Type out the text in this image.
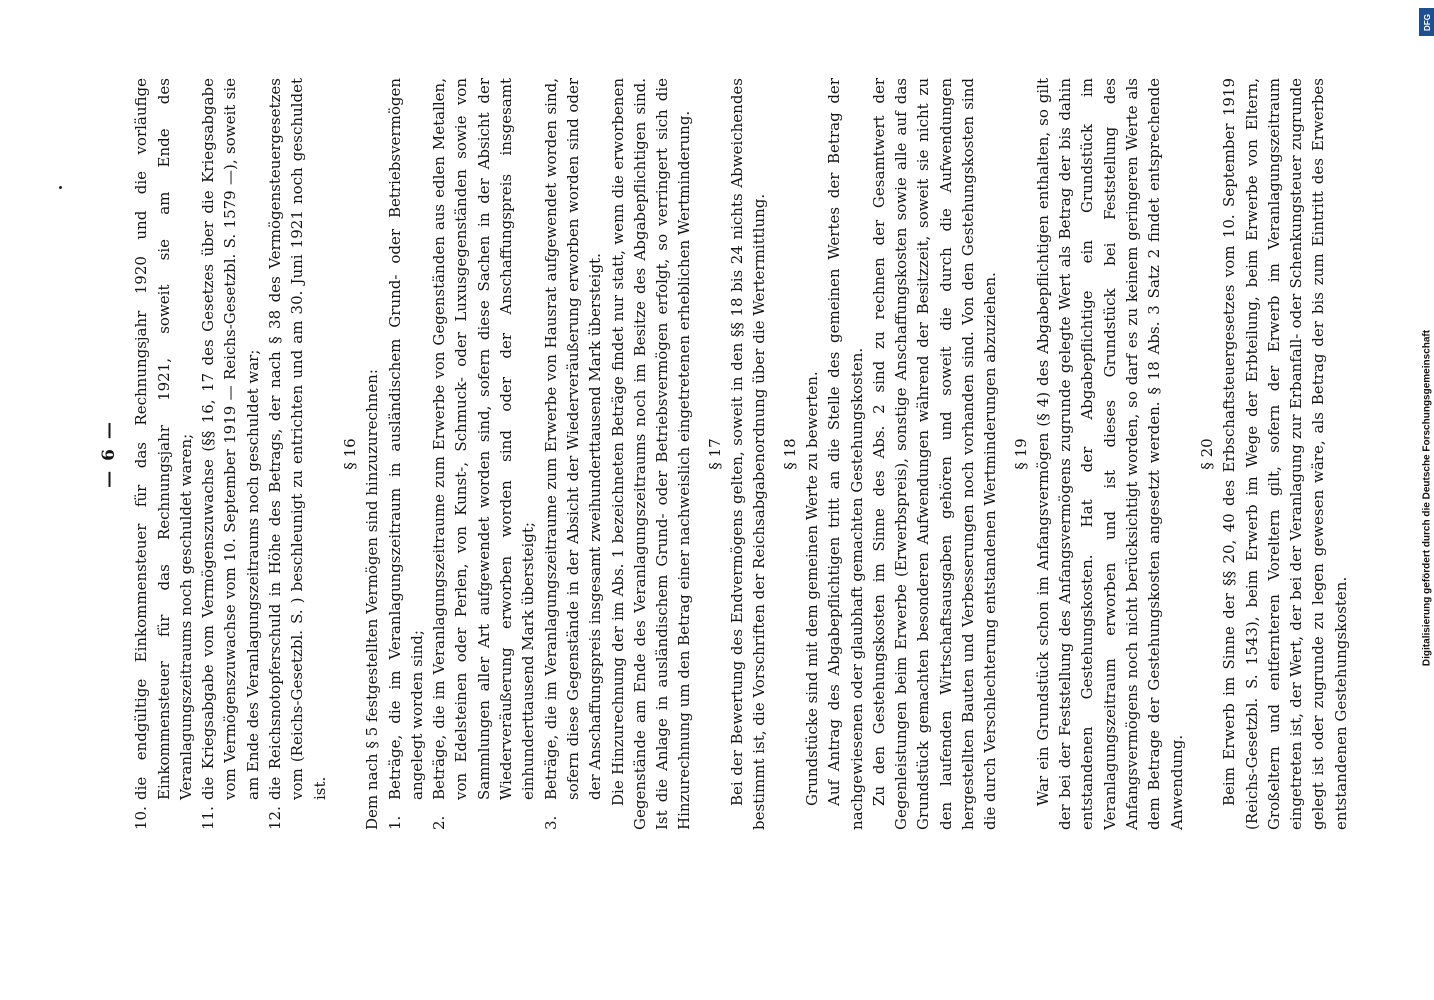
— 6 —
10.
die endgültige Einkommensteuer für das Rechnungsjahr 1920 und die vorläufige Einkommensteuer für das Rechnungsjahr 1921, soweit sie am Ende des Veranlagungszeitraums noch geschuldet waren;
11.
die Kriegsabgabe vom Vermögenszuwachse (§§ 16, 17 des Gesetzes über die Kriegsabgabe vom Vermögenszuwachse vom 10. September 1919 — Reichs-Gesetzbl. S. 1579 —), soweit sie am Ende des Veranlagungszeitraums noch geschuldet war;
12.
die Reichsnotopferschuld in Höhe des Betrags, der nach § 38 des Vermögensteuergesetzes vom (Reichs-Gesetzbl. S. ) beschleunigt zu entrichten und am 30. Juni 1921 noch geschuldet ist.
§ 16 Dem nach § 5 festgestellten Vermögen sind hinzuzurechnen: 1.
Beträge, die im Veranlagungszeitraum in ausländischem Grund- oder Betriebsvermögen angelegt worden sind;
2.
Beträge, die im Veranlagungszeitraume zum Erwerbe von Gegenständen aus edlen Metallen, von Edelsteinen oder Perlen, von Kunst-, Schmuck- oder Luxusgegenständen sowie von Sammlungen aller Art aufgewendet worden sind, sofern diese Sachen in der Absicht der Wiederveräußerung erworben worden sind oder der Anschaffungspreis insgesamt einhunderttausend Mark übersteigt;
3.
Beträge, die im Veranlagungszeitraume zum Erwerbe von Hausrat aufgewendet worden sind, sofern diese Gegenstände in der Absicht der Wiederveräußerung erworben worden sind oder der Anschaffungspreis insgesamt zweihunderttausend Mark übersteigt. Die Hinzurechnung der im Abs. 1 bezeichneten Beträge findet nur statt, wenn die erworbenen Gegenstände am Ende des Veranlagungszeitraums noch im Besitze des Abgabepflichtigen sind. Ist die Anlage in ausländischem Grund- oder Betriebsvermögen erfolgt, so verringert sich die Hinzurechnung um den Betrag einer nachweislich eingetretenen erheblichen Wertminderung. § 17 Bei der Bewertung des Endvermögens gelten, soweit in den §§ 18 bis 24 nichts Abweichendes bestimmt ist, die Vorschriften der Reichsabgabenordnung über die Wertermittlung. § 18 Grundstücke sind mit dem gemeinen Werte zu bewerten. Auf Antrag des Abgabepflichtigen tritt an die Stelle des gemeinen Wertes der Betrag der nachgewiesenen oder glaubhaft gemachten Gestehungskosten. Zu den Gestehungskosten im Sinne des Abs. 2 sind zu rechnen der Gesamtwert der Gegenleistungen beim Erwerbe (Erwerbspreis), sonstige Anschaffungskosten sowie alle auf das Grundstück gemachten besonderen Aufwendungen während der Besitzzeit, soweit sie nicht zu den laufenden Wirtschaftsausgaben gehören und soweit die durch die Aufwendungen hergestellten Bauten und Verbesserungen noch vorhanden sind. Von den Gestehungskosten sind die durch Verschlechterung entstandenen Wertminderungen abzuziehen. § 19 War ein Grundstück schon im Anfangsvermögen (§ 4) des Abgabepflichtigen enthalten, so gilt der bei der Feststellung des Anfangsvermögens zugrunde gelegte Wert als Betrag der bis dahin entstandenen Gestehungskosten. Hat der Abgabepflichtige ein Grundstück im Veranlagungszeitraum erworben und ist dieses Grundstück bei Feststellung des Anfangsvermögens noch nicht berücksichtigt worden, so darf es zu keinem geringeren Werte als dem Betrage der Gestehungskosten angesetzt werden. § 18 Abs. 3 Satz 2 findet entsprechende Anwendung.

§ 20 Beim Erwerb im Sinne der §§ 20, 40 des Erbschaftsteuergesetzes vom 10. September 1919 (Reichs-Gesetzbl. S. 1543), beim Erwerb im Wege der Erbteilung, beim Erwerbe von Eltern, Großeltern und entfernteren Voreltern gilt, sofern der Erwerb im Veranlagungszeitraum eingetreten ist, der Wert, der bei der Veranlagung zur Erbanfall- oder Schenkungsteuer zugrunde gelegt ist oder zugrunde zu legen gewesen wäre, als Betrag der bis zum Eintritt des Erwerbes entstandenen Gestehungskosten.

DFG
Digitalisierung gefördert durch die Deutsche Forschungsgemeinschaft
